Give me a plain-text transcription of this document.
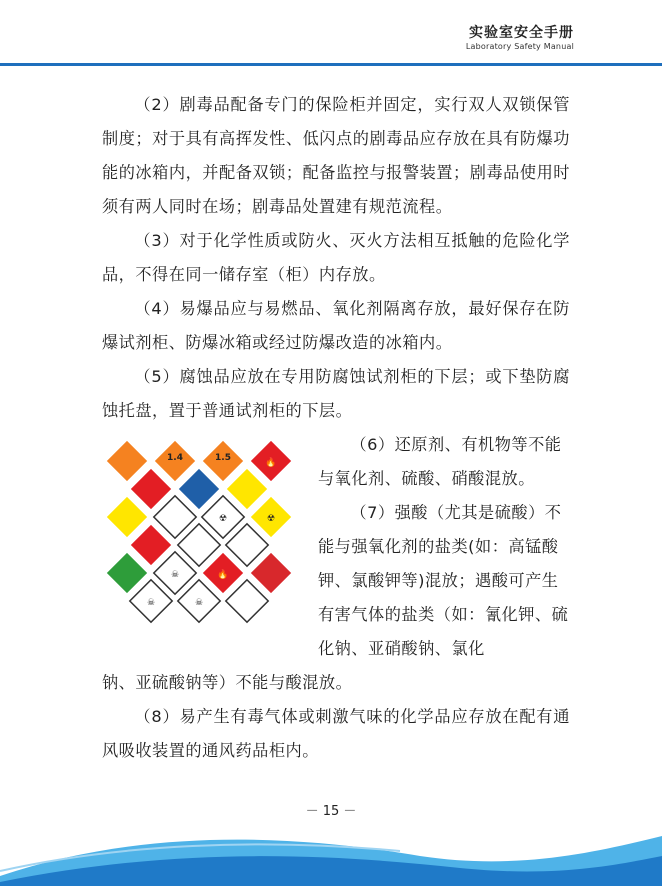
实验室安全手册
Laboratory Safety Manual

（2）剧毒品配备专门的保险柜并固定，实行双人双锁保管制度；对于具有高挥发性、低闪点的剧毒品应存放在具有防爆功能的冰箱内，并配备双锁；配备监控与报警装置；剧毒品使用时须有两人同时在场；剧毒品处置建有规范流程。

（3）对于化学性质或防火、灭火方法相互抵触的危险化学品，不得在同一储存室（柜）内存放。

（4）易爆品应与易燃品、氧化剂隔离存放，最好保存在防爆试剂柜、防爆冰箱或经过防爆改造的冰箱内。

（5）腐蚀品应放在专用防腐蚀试剂柜的下层；或下垫防腐蚀托盘，置于普通试剂柜的下层。

1.4	1.5
☠
☠	☠
☢	☢
🔥
🔥

（6）还原剂、有机物等不能与氧化剂、硫酸、硝酸混放。

（7）强酸（尤其是硫酸）不能与强氧化剂的盐类(如：高锰酸钾、氯酸钾等)混放；遇酸可产生有害气体的盐类（如：氰化钾、硫化钠、亚硝酸钠、氯化

钠、亚硫酸钠等）不能与酸混放。

（8）易产生有毒气体或刺激气味的化学品应存放在配有通风吸收装置的通风药品柜内。

－ 15 －
